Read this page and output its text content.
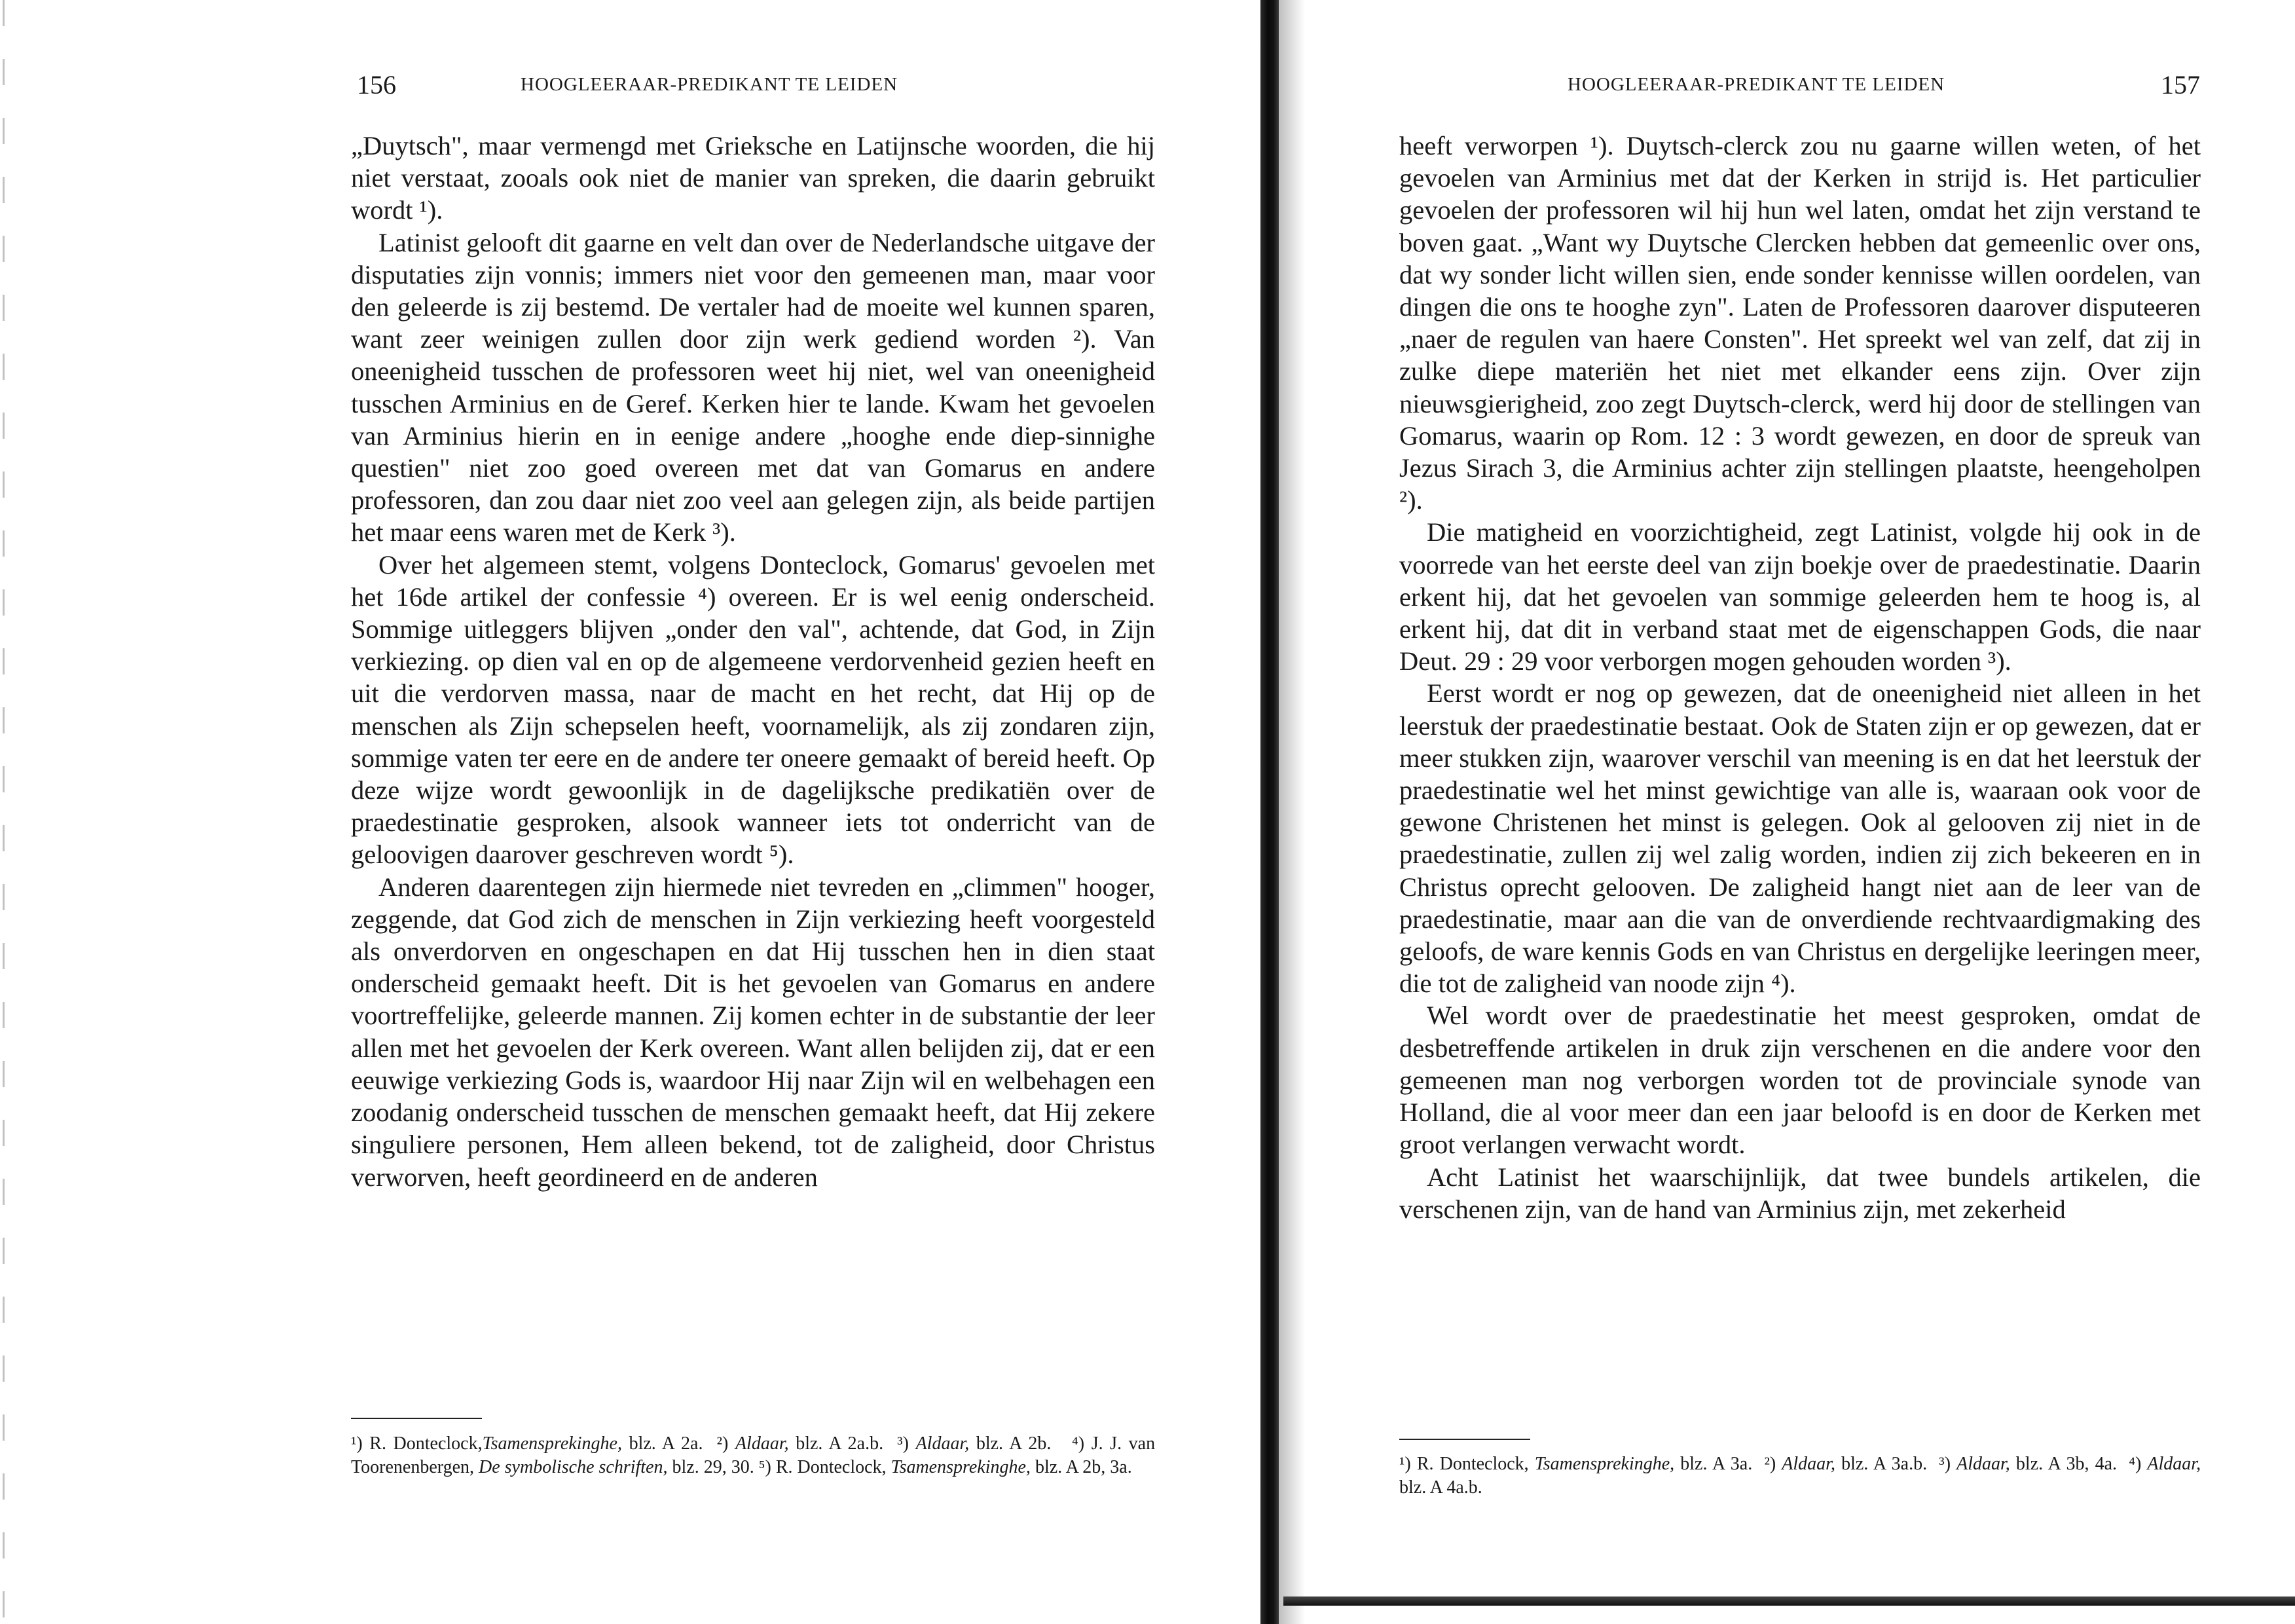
156	HOOGLEERAAR-PREDIKANT TE LEIDEN

„Duytsch", maar vermengd met Grieksche en Latijnsche woorden, die hij niet verstaat, zooals ook niet de manier van spreken, die daarin gebruikt wordt ¹).

Latinist gelooft dit gaarne en velt dan over de Nederlandsche uitgave der disputaties zijn vonnis; immers niet voor den gemeenen man, maar voor den geleerde is zij bestemd. De vertaler had de moeite wel kunnen sparen, want zeer weinigen zullen door zijn werk gediend worden ²). Van oneenigheid tusschen de professoren weet hij niet, wel van oneenigheid tusschen Arminius en de Geref. Kerken hier te lande. Kwam het gevoelen van Arminius hierin en in eenige andere „hooghe ende diep-sinnighe questien" niet zoo goed overeen met dat van Gomarus en andere professoren, dan zou daar niet zoo veel aan gelegen zijn, als beide partijen het maar eens waren met de Kerk ³).

Over het algemeen stemt, volgens Donteclock, Gomarus' gevoelen met het 16de artikel der confessie ⁴) overeen. Er is wel eenig onderscheid. Sommige uitleggers blijven „onder den val", achtende, dat God, in Zijn verkiezing. op dien val en op de algemeene verdorvenheid gezien heeft en uit die verdorven massa, naar de macht en het recht, dat Hij op de menschen als Zijn schepselen heeft, voornamelijk, als zij zondaren zijn, sommige vaten ter eere en de andere ter oneere gemaakt of bereid heeft. Op deze wijze wordt gewoonlijk in de dagelijksche predikatiën over de praedestinatie gesproken, alsook wanneer iets tot onderricht van de geloovigen daarover geschreven wordt ⁵).

Anderen daarentegen zijn hiermede niet tevreden en „climmen" hooger, zeggende, dat God zich de menschen in Zijn verkiezing heeft voorgesteld als onverdorven en ongeschapen en dat Hij tusschen hen in dien staat onderscheid gemaakt heeft. Dit is het gevoelen van Gomarus en andere voortreffelijke, geleerde mannen. Zij komen echter in de substantie der leer allen met het gevoelen der Kerk overeen. Want allen belijden zij, dat er een eeuwige verkiezing Gods is, waardoor Hij naar Zijn wil en welbehagen een zoodanig onderscheid tusschen de menschen gemaakt heeft, dat Hij zekere singuliere personen, Hem alleen bekend, tot de zaligheid, door Christus verworven, heeft geordineerd en de anderen

¹) R. Donteclock,Tsamensprekinghe, blz. A 2a. ²) Aldaar, blz. A 2a.b. ³) Aldaar, blz. A 2b. ⁴) J. J. van Toorenenbergen, De symbolische schriften, blz. 29, 30. ⁵) R. Donteclock, Tsamensprekinghe, blz. A 2b, 3a.
HOOGLEERAAR-PREDIKANT TE LEIDEN	157

heeft verworpen ¹). Duytsch-clerck zou nu gaarne willen weten, of het gevoelen van Arminius met dat der Kerken in strijd is. Het particulier gevoelen der professoren wil hij hun wel laten, omdat het zijn verstand te boven gaat. „Want wy Duytsche Clercken hebben dat gemeenlic over ons, dat wy sonder licht willen sien, ende sonder kennisse willen oordelen, van dingen die ons te hooghe zyn". Laten de Professoren daarover disputeeren „naer de regulen van haere Consten". Het spreekt wel van zelf, dat zij in zulke diepe materiën het niet met elkander eens zijn. Over zijn nieuwsgierigheid, zoo zegt Duytsch-clerck, werd hij door de stellingen van Gomarus, waarin op Rom. 12 : 3 wordt gewezen, en door de spreuk van Jezus Sirach 3, die Arminius achter zijn stellingen plaatste, heengeholpen ²).

Die matigheid en voorzichtigheid, zegt Latinist, volgde hij ook in de voorrede van het eerste deel van zijn boekje over de praedestinatie. Daarin erkent hij, dat het gevoelen van sommige geleerden hem te hoog is, al erkent hij, dat dit in verband staat met de eigenschappen Gods, die naar Deut. 29 : 29 voor verborgen mogen gehouden worden ³).

Eerst wordt er nog op gewezen, dat de oneenigheid niet alleen in het leerstuk der praedestinatie bestaat. Ook de Staten zijn er op gewezen, dat er meer stukken zijn, waarover verschil van meening is en dat het leerstuk der praedestinatie wel het minst gewichtige van alle is, waaraan ook voor de gewone Christenen het minst is gelegen. Ook al gelooven zij niet in de praedestinatie, zullen zij wel zalig worden, indien zij zich bekeeren en in Christus oprecht gelooven. De zaligheid hangt niet aan de leer van de praedestinatie, maar aan die van de onverdiende rechtvaardigmaking des geloofs, de ware kennis Gods en van Christus en dergelijke leeringen meer, die tot de zaligheid van noode zijn ⁴).

Wel wordt over de praedestinatie het meest gesproken, omdat de desbetreffende artikelen in druk zijn verschenen en die andere voor den gemeenen man nog verborgen worden tot de provinciale synode van Holland, die al voor meer dan een jaar beloofd is en door de Kerken met groot verlangen verwacht wordt.

Acht Latinist het waarschijnlijk, dat twee bundels artikelen, die verschenen zijn, van de hand van Arminius zijn, met zekerheid

¹) R. Donteclock, Tsamensprekinghe, blz. A 3a. ²) Aldaar, blz. A 3a.b. ³) Aldaar, blz. A 3b, 4a. ⁴) Aldaar, blz. A 4a.b.
